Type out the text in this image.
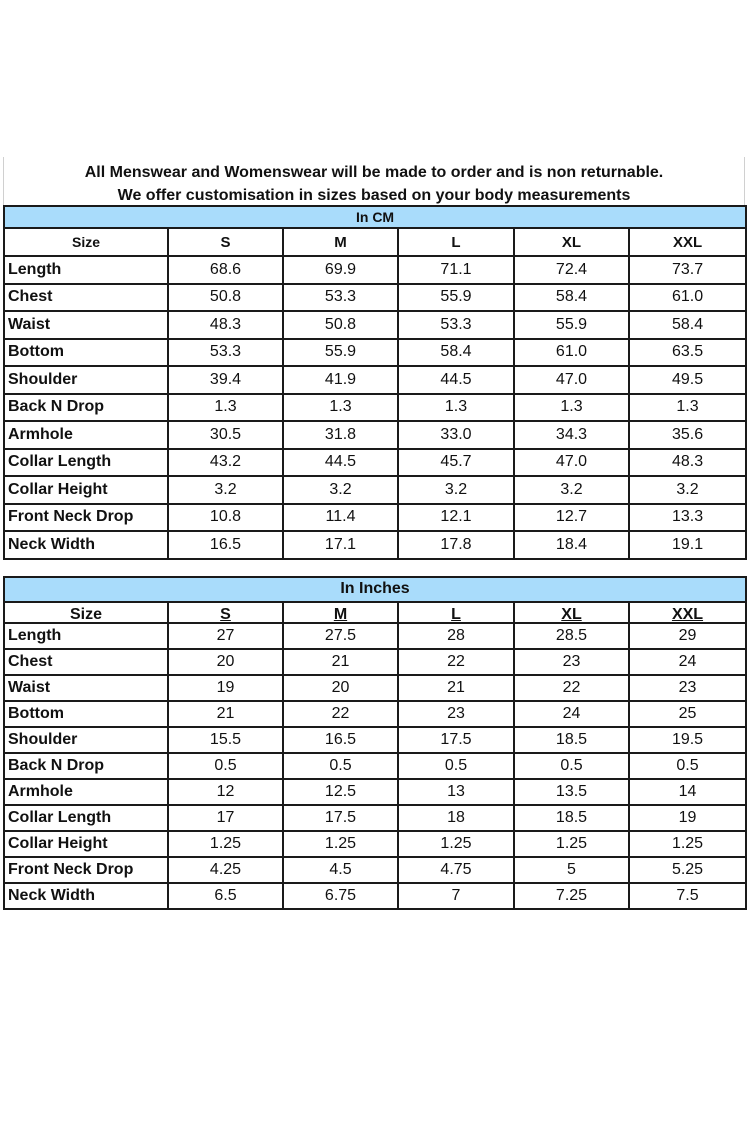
All Menswear and Womenswear will be made to order and is non returnable.
We offer customisation in sizes based on your body measurements
In CM					
Size	S	M	L	XL	XXL
Length	68.6	69.9	71.1	72.4	73.7
Chest	50.8	53.3	55.9	58.4	61.0
Waist	48.3	50.8	53.3	55.9	58.4
Bottom	53.3	55.9	58.4	61.0	63.5
Shoulder	39.4	41.9	44.5	47.0	49.5
Back N Drop	1.3	1.3	1.3	1.3	1.3
Armhole	30.5	31.8	33.0	34.3	35.6
Collar Length	43.2	44.5	45.7	47.0	48.3
Collar Height	3.2	3.2	3.2	3.2	3.2
Front Neck Drop	10.8	11.4	12.1	12.7	13.3
Neck Width	16.5	17.1	17.8	18.4	19.1
In Inches					
Size	S	M	L	XL	XXL
Length	27	27.5	28	28.5	29
Chest	20	21	22	23	24
Waist	19	20	21	22	23
Bottom	21	22	23	24	25
Shoulder	15.5	16.5	17.5	18.5	19.5
Back N Drop	0.5	0.5	0.5	0.5	0.5
Armhole	12	12.5	13	13.5	14
Collar Length	17	17.5	18	18.5	19
Collar Height	1.25	1.25	1.25	1.25	1.25
Front Neck Drop	4.25	4.5	4.75	5	5.25
Neck Width	6.5	6.75	7	7.25	7.5
